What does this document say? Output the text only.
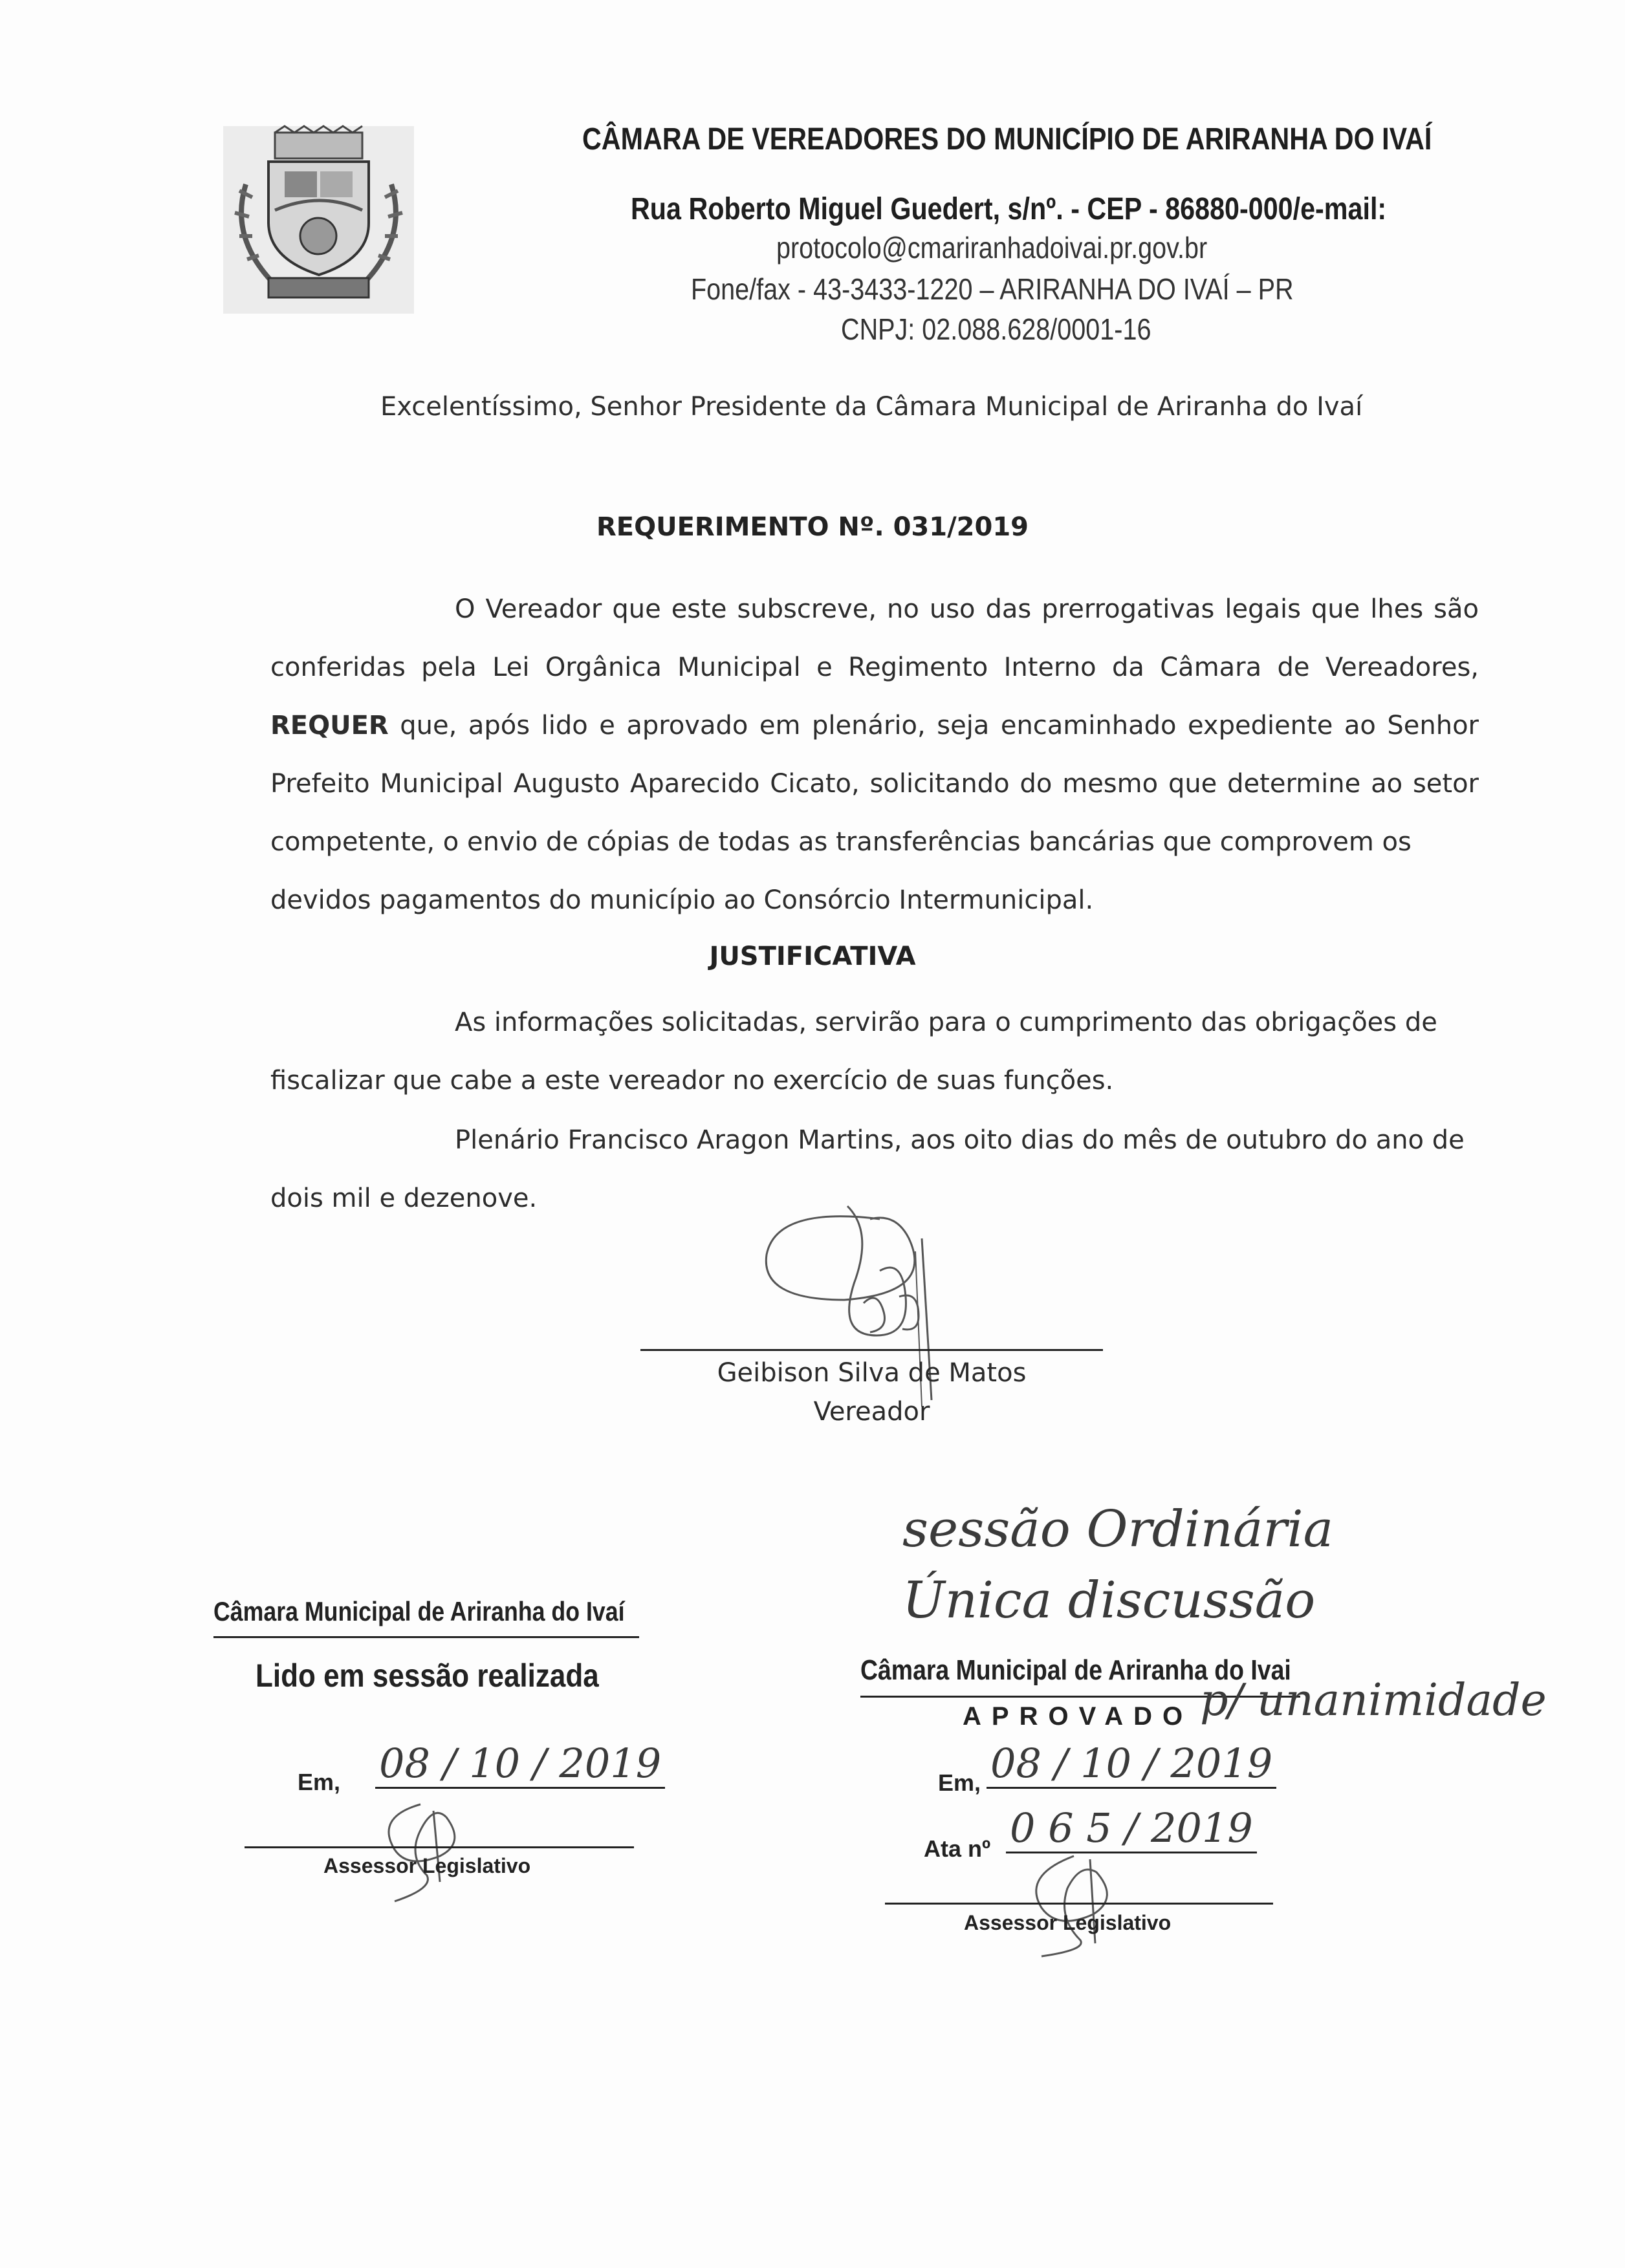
CÂMARA DE VEREADORES DO MUNICÍPIO DE ARIRANHA DO IVAÍ
Rua Roberto Miguel Guedert, s/nº. - CEP - 86880-000/e-mail:
protocolo@cmariranhadoivai.pr.gov.br
Fone/fax - 43-3433-1220 – ARIRANHA DO IVAÍ – PR
CNPJ: 02.088.628/0001-16
Excelentíssimo, Senhor Presidente da Câmara Municipal de Ariranha do Ivaí
REQUERIMENTO Nº. 031/2019
O Vereador que este subscreve, no uso das prerrogativas legais que lhes são conferidas pela Lei Orgânica Municipal e Regimento Interno da Câmara de Vereadores, REQUER que, após lido e aprovado em plenário, seja encaminhado expediente ao Senhor Prefeito Municipal Augusto Aparecido Cicato, solicitando do mesmo que determine ao setor competente, o envio de cópias de todas as transferências bancárias que comprovem os
devidos pagamentos do município ao Consórcio Intermunicipal.
JUSTIFICATIVA
As informações solicitadas, servirão para o cumprimento das obrigações de
fiscalizar que cabe a este vereador no exercício de suas funções.
Plenário Francisco Aragon Martins, aos oito dias do mês de outubro do ano de
dois mil e dezenove.
Geibison Silva de Matos
Vereador
sessão Ordinária
Única discussão
Câmara Municipal de Ariranha do Ivaí
Lido em sessão realizada
Em, 08 / 10 / 2019
Assessor Legislativo
Câmara Municipal de Ariranha do Ivai
APROVADO p/ unanimidade
Em, 08 / 10 / 2019
Ata nº 0 6 5 / 2019
Assessor Legislativo
